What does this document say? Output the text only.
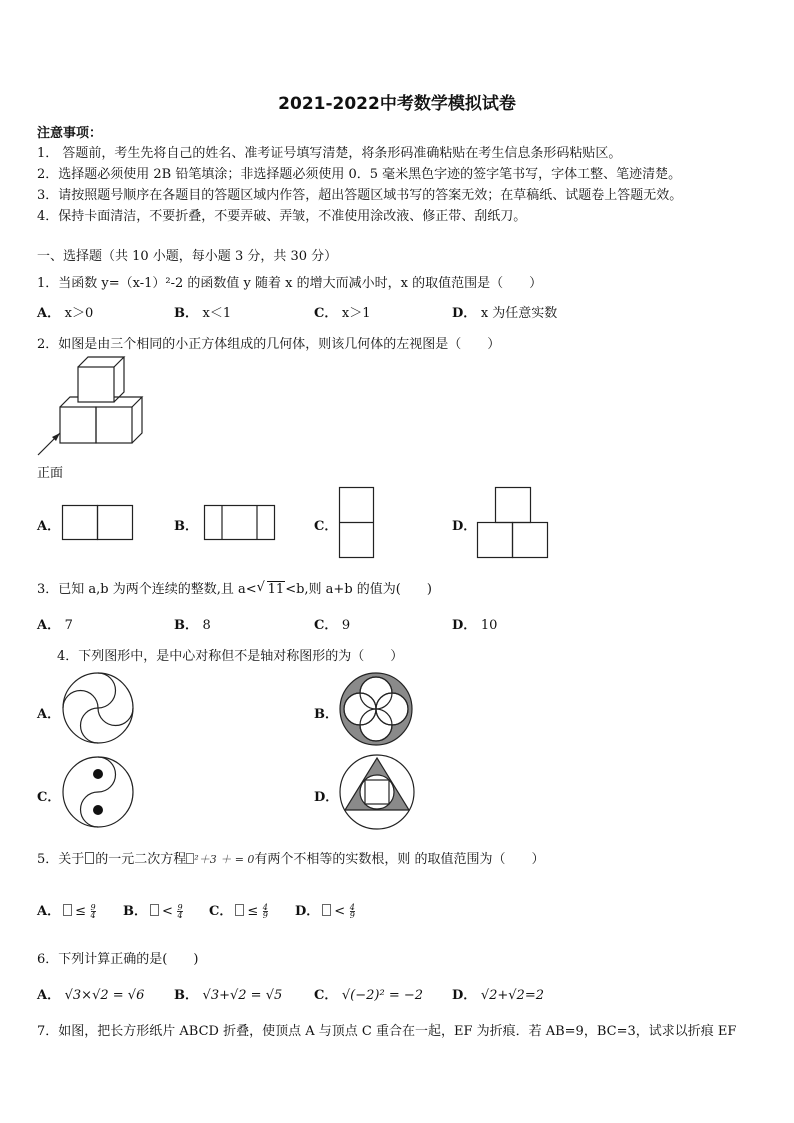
2021-2022中考数学模拟试卷
注意事项：
1． 答题前，考生先将自己的姓名、准考证号填写清楚，将条形码准确粘贴在考生信息条形码粘贴区。
2．选择题必须使用 2B 铅笔填涂；非选择题必须使用 0．5 毫米黑色字迹的签字笔书写，字体工整、笔迹清楚。
3．请按照题号顺序在各题目的答题区域内作答，超出答题区域书写的答案无效；在草稿纸、试题卷上答题无效。
4．保持卡面清洁，不要折叠，不要弄破、弄皱，不准使用涂改液、修正带、刮纸刀。
一、选择题（共 10 小题，每小题 3 分，共 30 分）
1．当函数 y=（x-1）²-2 的函数值 y 随着 x 的增大而减小时，x 的取值范围是（　　）
A． x＞0	B． x＜1	C． x＞1	D． x 为任意实数
2．如图是由三个相同的小正方体组成的几何体，则该几何体的左视图是（　　）
正面
A．	B．	C．	D．
3．已知 a,b 为两个连续的整数,且 a< √ 11<b,则 a+b 的值为(　　)
A． 7	B． 8	C． 9	D． 10
4．下列图形中，是中心对称但不是轴对称图形的为（　　）
A．	B．
C．	D．
5．关于 的一元二次方程 ²＋3 ＋ = 0有两个不相等的实数根，则 的取值范围为（　　）
A． ≤ $\frac{9}{4}$ B． < $\frac{9}{4}$ C． ≤ $\frac{4}{9}$ D． < $\frac{4}{9}$
6．下列计算正确的是(　　)
A． √3×√2 = √6 B． √3+√2 = √5 C． √(−2)² = −2 D． √2+√2=2
7．如图，把长方形纸片 ABCD 折叠，使顶点 A 与顶点 C 重合在一起，EF 为折痕．若 AB=9，BC=3，试求以折痕 EF
